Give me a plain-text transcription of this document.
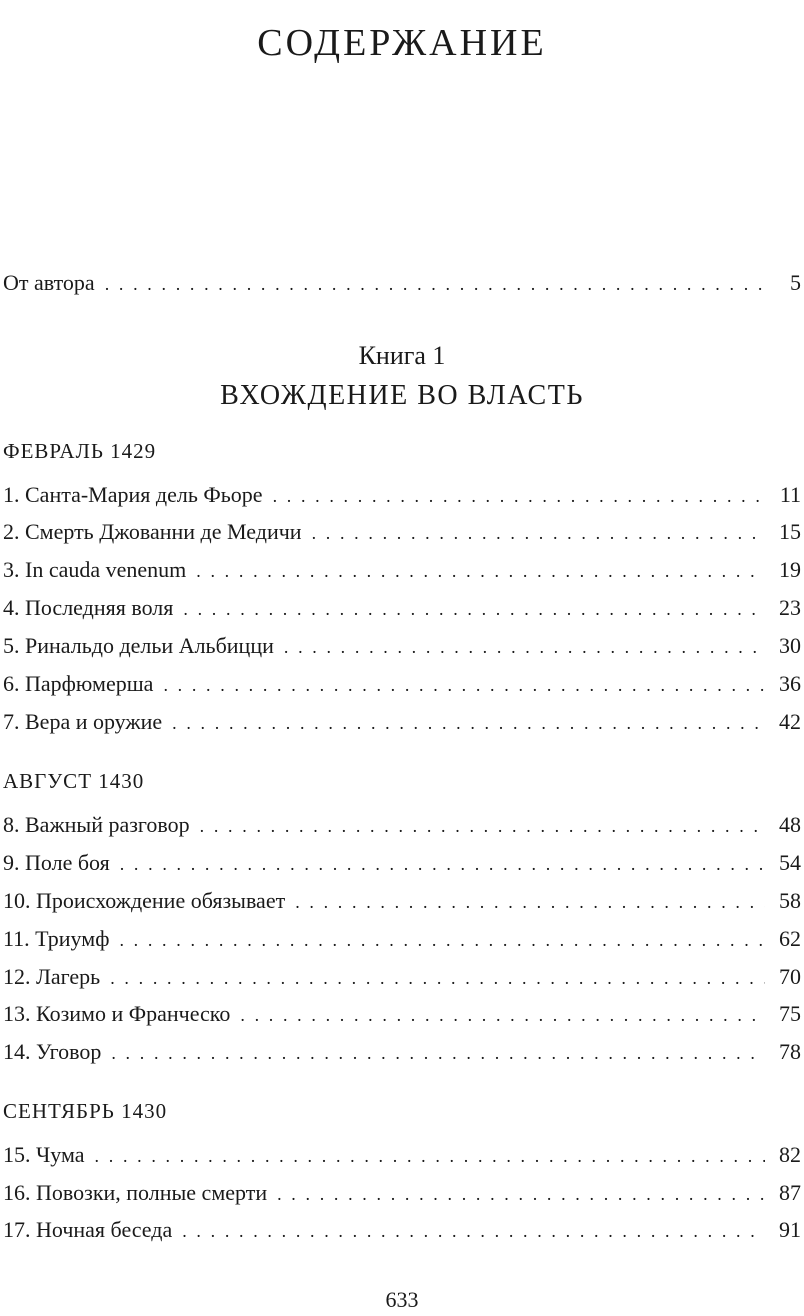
СОДЕРЖАНИЕ
От автора . . .	5
Книга 1
ВХОЖДЕНИЕ ВО ВЛАСТЬ
ФЕВРАЛЬ 1429
1. Санта-Мария дель Фьоре . . .	11
2. Смерть Джованни де Медичи . . .	15
3. In cauda venenum . . .	19
4. Последняя воля . . .	23
5. Ринальдо дельи Альбицци . . .	30
6. Парфюмерша . . .	36
7. Вера и оружие . . .	42
АВГУСТ 1430
8. Важный разговор . . .	48
9. Поле боя . . .	54
10. Происхождение обязывает . . .	58
11. Триумф . . .	62
12. Лагерь . . .	70
13. Козимо и Франческо . . .	75
14. Уговор . . .	78
СЕНТЯБРЬ 1430
15. Чума . . .	82
16. Повозки, полные смерти . . .	87
17. Ночная беседа . . .	91
633
